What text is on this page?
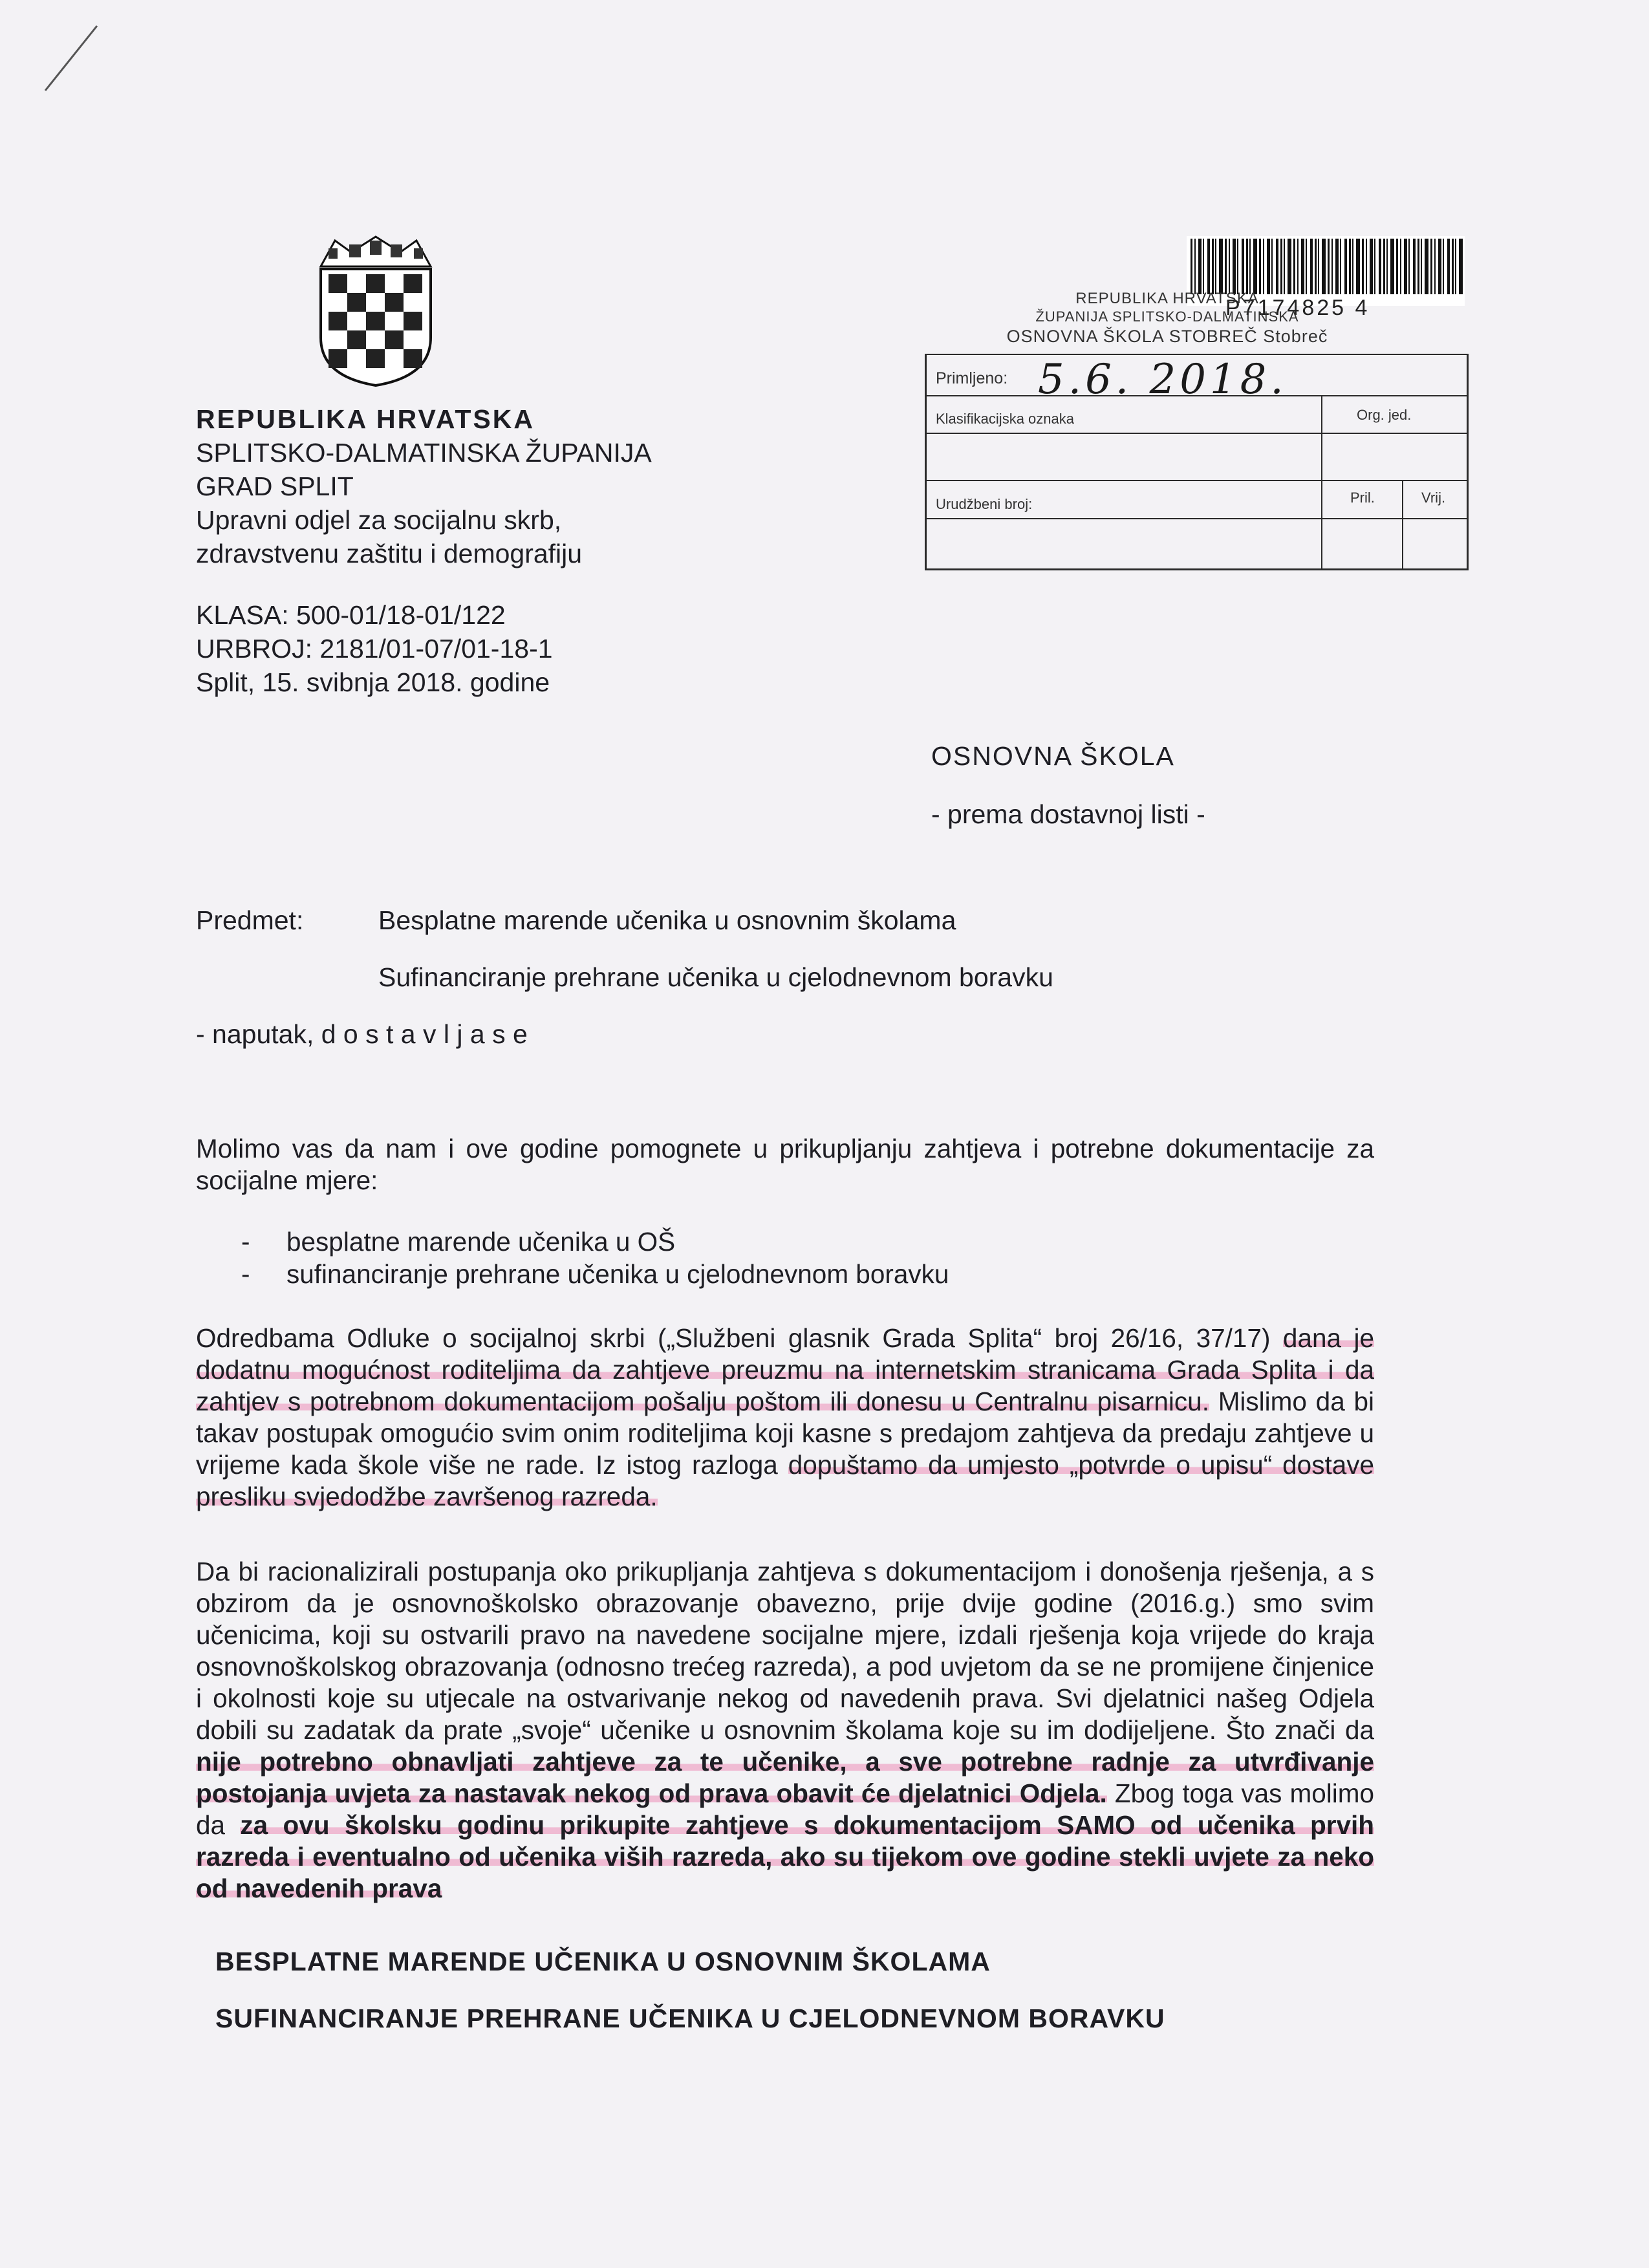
REPUBLIKA HRVATSKA
SPLITSKO-DALMATINSKA ŽUPANIJA
GRAD SPLIT
Upravni odjel za socijalnu skrb,
zdravstvenu zaštitu i demografiju
KLASA: 500-01/18-01/122
URBROJ: 2181/01-07/01-18-1
Split, 15. svibnja 2018. godine
P7174825 4
REPUBLIKA HRVATSKA
ŽUPANIJA SPLITSKO-DALMATINSKA
OSNOVNA ŠKOLA STOBREČ Stobreč
Primljeno:
Klasifikacijska oznaka	Org. jed.
Urudžbeni broj:	Pril.	Vrij.
5.6. 2018.
OSNOVNA ŠKOLA
- prema dostavnoj listi -
Predmet:	Besplatne marende učenika u osnovnim školama
Sufinanciranje prehrane učenika u cjelodnevnom boravku
- naputak, d o s t a v l j a s e
Molimo vas da nam i ove godine pomognete u prikupljanju zahtjeva i potrebne dokumentacije za socijalne mjere:
- besplatne marende učenika u OŠ
- sufinanciranje prehrane učenika u cjelodnevnom boravku
Odredbama Odluke o socijalnoj skrbi („Službeni glasnik Grada Splita“ broj 26/16, 37/17) dana je dodatnu mogućnost roditeljima da zahtjeve preuzmu na internetskim stranicama Grada Splita i da zahtjev s potrebnom dokumentacijom pošalju poštom ili donesu u Centralnu pisarnicu. Mislimo da bi takav postupak omogućio svim onim roditeljima koji kasne s predajom zahtjeva da predaju zahtjeve u vrijeme kada škole više ne rade. Iz istog razloga dopuštamo da umjesto „potvrde o upisu“ dostave presliku svjedodžbe završenog razreda.
Da bi racionalizirali postupanja oko prikupljanja zahtjeva s dokumentacijom i donošenja rješenja, a s obzirom da je osnovnoškolsko obrazovanje obavezno, prije dvije godine (2016.g.) smo svim učenicima, koji su ostvarili pravo na navedene socijalne mjere, izdali rješenja koja vrijede do kraja osnovnoškolskog obrazovanja (odnosno trećeg razreda), a pod uvjetom da se ne promijene činjenice i okolnosti koje su utjecale na ostvarivanje nekog od navedenih prava. Svi djelatnici našeg Odjela dobili su zadatak da prate „svoje“ učenike u osnovnim školama koje su im dodijeljene. Što znači da nije potrebno obnavljati zahtjeve za te učenike, a sve potrebne radnje za utvrđivanje postojanja uvjeta za nastavak nekog od prava obavit će djelatnici Odjela. Zbog toga vas molimo da za ovu školsku godinu prikupite zahtjeve s dokumentacijom SAMO od učenika prvih razreda i eventualno od učenika viših razreda, ako su tijekom ove godine stekli uvjete za neko od navedenih prava
BESPLATNE MARENDE UČENIKA U OSNOVNIM ŠKOLAMA
SUFINANCIRANJE PREHRANE UČENIKA U CJELODNEVNOM BORAVKU
